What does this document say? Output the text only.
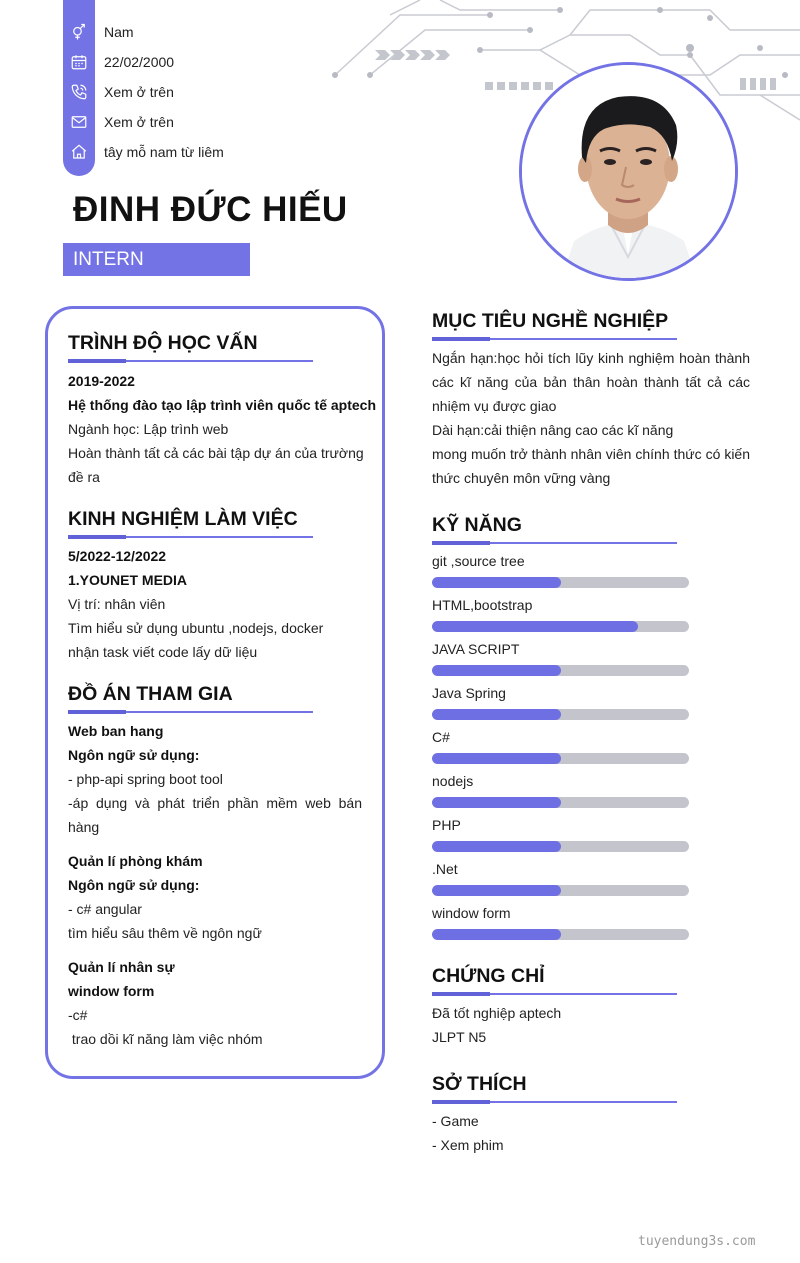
Nam
22/02/2000
Xem ở trên
Xem ở trên
tây mỗ nam từ liêm
ĐINH ĐỨC HIẾU
INTERN
TRÌNH ĐỘ HỌC VẤN
2019-2022
Hệ thống đào tạo lập trình viên quốc tế aptech
Ngành học: Lập trình web
Hoàn thành tất cả các bài tập dự án của trường
đề ra
KINH NGHIỆM LÀM VIỆC
5/2022-12/2022
1.YOUNET MEDIA
Vị trí: nhân viên
Tìm hiểu sử dụng ubuntu ,nodejs, docker
nhận task viết code lấy dữ liệu
ĐỒ ÁN THAM GIA
Web ban hang
Ngôn ngữ sử dụng:
- php-api spring boot tool
-áp dụng và phát triển phần mềm web bán
hàng
Quản lí phòng khám
Ngôn ngữ sử dụng:
- c# angular
tìm hiểu sâu thêm về ngôn ngữ
Quản lí nhân sự
window form
-c#
trao dồi kĩ năng làm việc nhóm
MỤC TIÊU NGHỀ NGHIỆP
Ngắn hạn:học hỏi tích lũy kinh nghiệm hoàn thành
các kĩ năng của bản thân hoàn thành tất cả các
nhiệm vụ được giao
Dài hạn:cải thiện nâng cao các kĩ năng
mong muốn trở thành nhân viên chính thức có kiến
thức chuyên môn vững vàng
KỸ NĂNG
git ,source tree
HTML,bootstrap
JAVA SCRIPT
Java Spring
C#
nodejs
PHP
.Net
window form
CHỨNG CHỈ
Đã tốt nghiệp aptech
JLPT N5
SỞ THÍCH
- Game
- Xem phim
tuyendung3s.com
